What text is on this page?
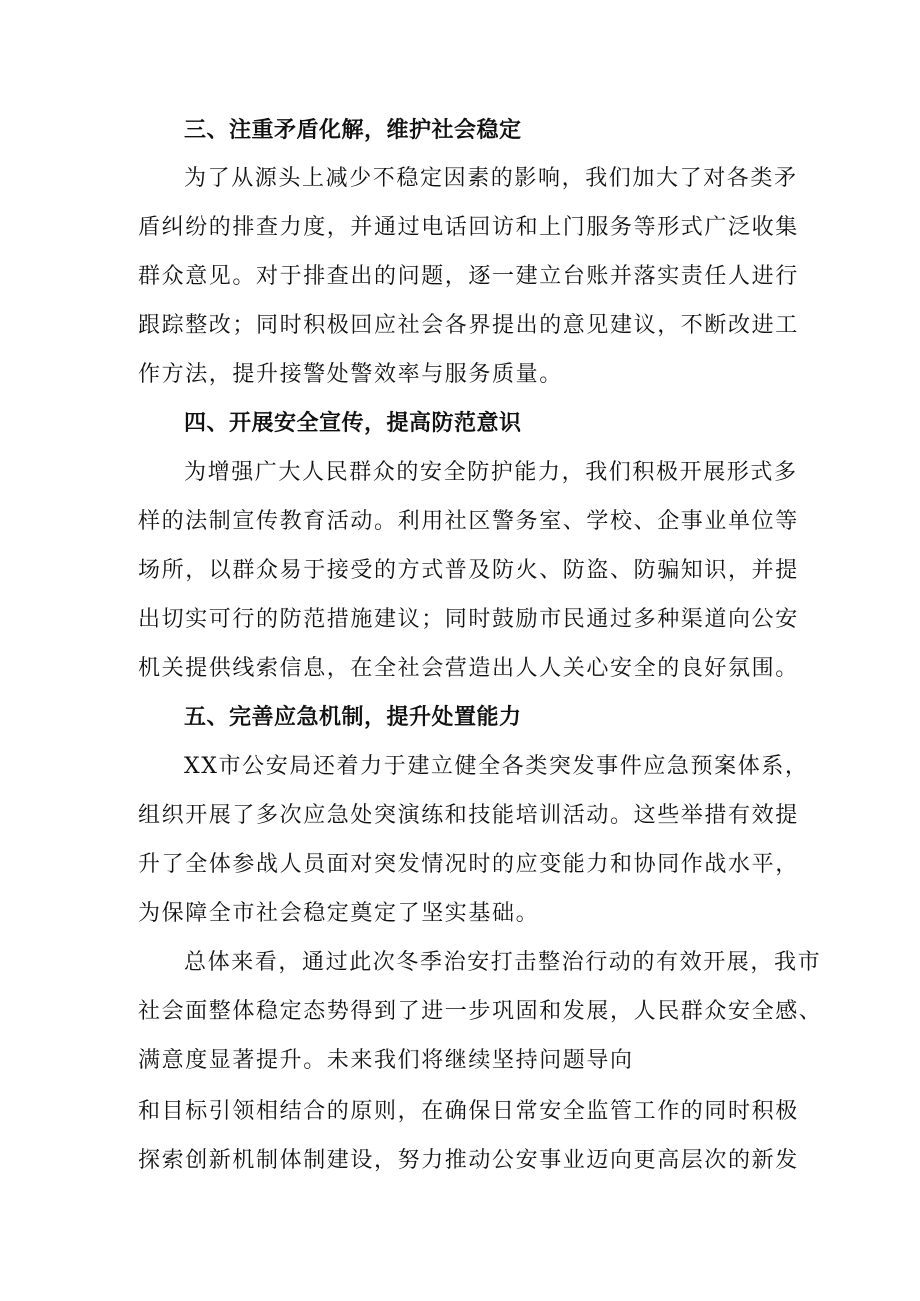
三、注重矛盾化解，维护社会稳定
为了从源头上减少不稳定因素的影响，我们加大了对各类矛
盾纠纷的排查力度，并通过电话回访和上门服务等形式广泛收集
群众意见。对于排查出的问题，逐一建立台账并落实责任人进行
跟踪整改；同时积极回应社会各界提出的意见建议，不断改进工
作方法，提升接警处警效率与服务质量。
四、开展安全宣传，提高防范意识
为增强广大人民群众的安全防护能力，我们积极开展形式多
样的法制宣传教育活动。利用社区警务室、学校、企事业单位等
场所，以群众易于接受的方式普及防火、防盗、防骗知识，并提
出切实可行的防范措施建议；同时鼓励市民通过多种渠道向公安
机关提供线索信息，在全社会营造出人人关心安全的良好氛围。
五、完善应急机制，提升处置能力
XX市公安局还着力于建立健全各类突发事件应急预案体系，
组织开展了多次应急处突演练和技能培训活动。这些举措有效提
升了全体参战人员面对突发情况时的应变能力和协同作战水平，
为保障全市社会稳定奠定了坚实基础。
总体来看，通过此次冬季治安打击整治行动的有效开展，我市
社会面整体稳定态势得到了进一步巩固和发展，人民群众安全感、
满意度显著提升。未来我们将继续坚持问题导向
和目标引领相结合的原则，在确保日常安全监管工作的同时积极
探索创新机制体制建设，努力推动公安事业迈向更高层次的新发
